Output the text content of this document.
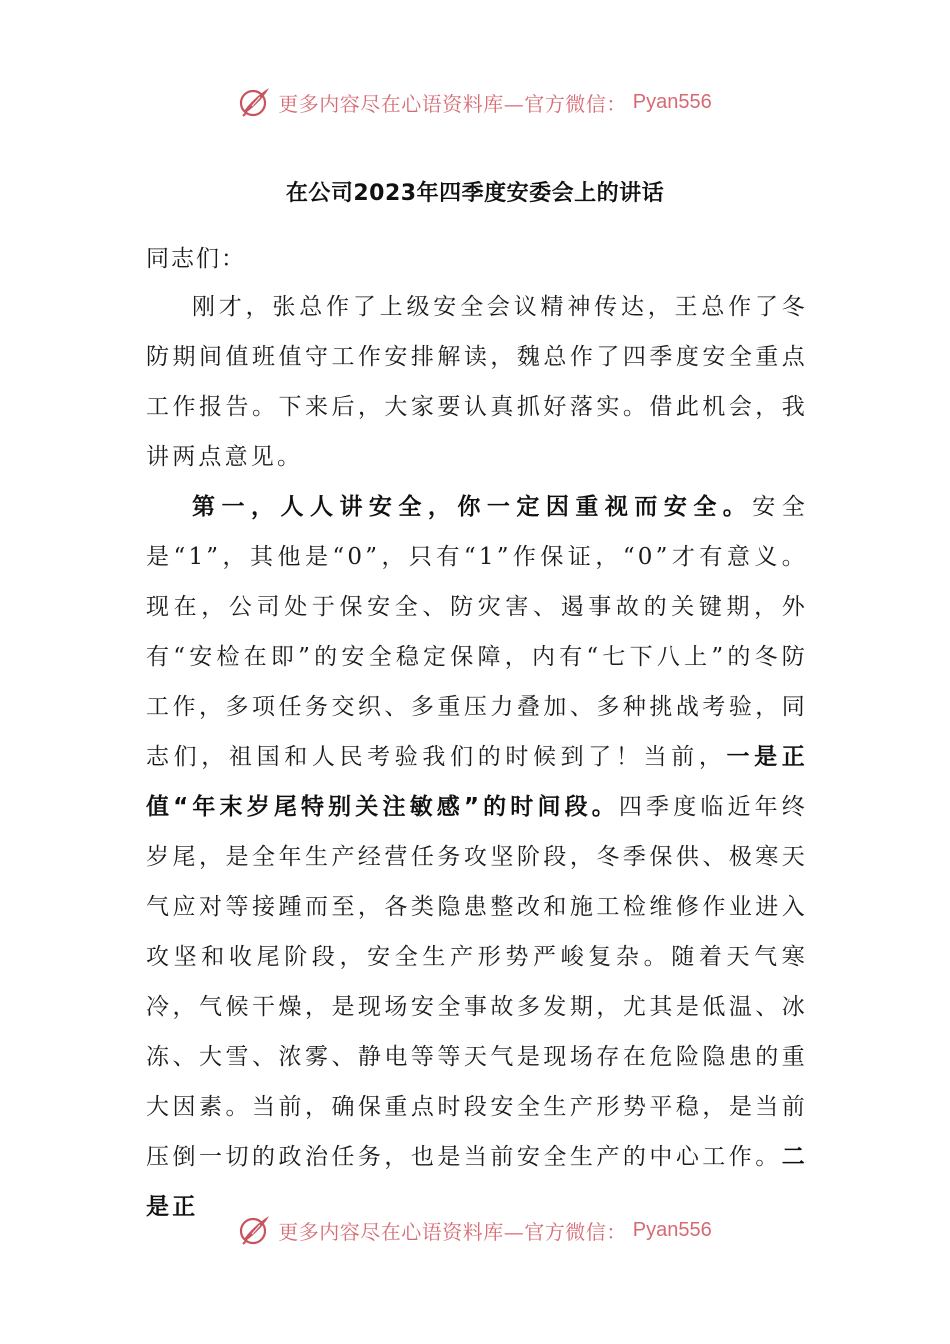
更多内容尽在心语资料库—官方微信： Pyan556
在公司2023年四季度安委会上的讲话
同志们：

刚才，张总作了上级安全会议精神传达，王总作了冬防期间值班值守工作安排解读，魏总作了四季度安全重点工作报告。下来后，大家要认真抓好落实。借此机会，我讲两点意见。

第一，人人讲安全，你一定因重视而安全。安全是“1”，其他是“0”，只有“1”作保证，“0”才有意义。现在，公司处于保安全、防灾害、遏事故的关键期，外有“安检在即”的安全稳定保障，内有“七下八上”的冬防工作，多项任务交织、多重压力叠加、多种挑战考验，同志们，祖国和人民考验我们的时候到了！当前，一是正值“年末岁尾特别关注敏感”的时间段。四季度临近年终岁尾，是全年生产经营任务攻坚阶段，冬季保供、极寒天气应对等接踵而至，各类隐患整改和施工检维修作业进入攻坚和收尾阶段，安全生产形势严峻复杂。随着天气寒冷，气候干燥，是现场安全事故多发期，尤其是低温、冰冻、大雪、浓雾、静电等等天气是现场存在危险隐患的重大因素。当前，确保重点时段安全生产形势平稳，是当前压倒一切的政治任务，也是当前安全生产的中心工作。二是正

更多内容尽在心语资料库—官方微信： Pyan556
